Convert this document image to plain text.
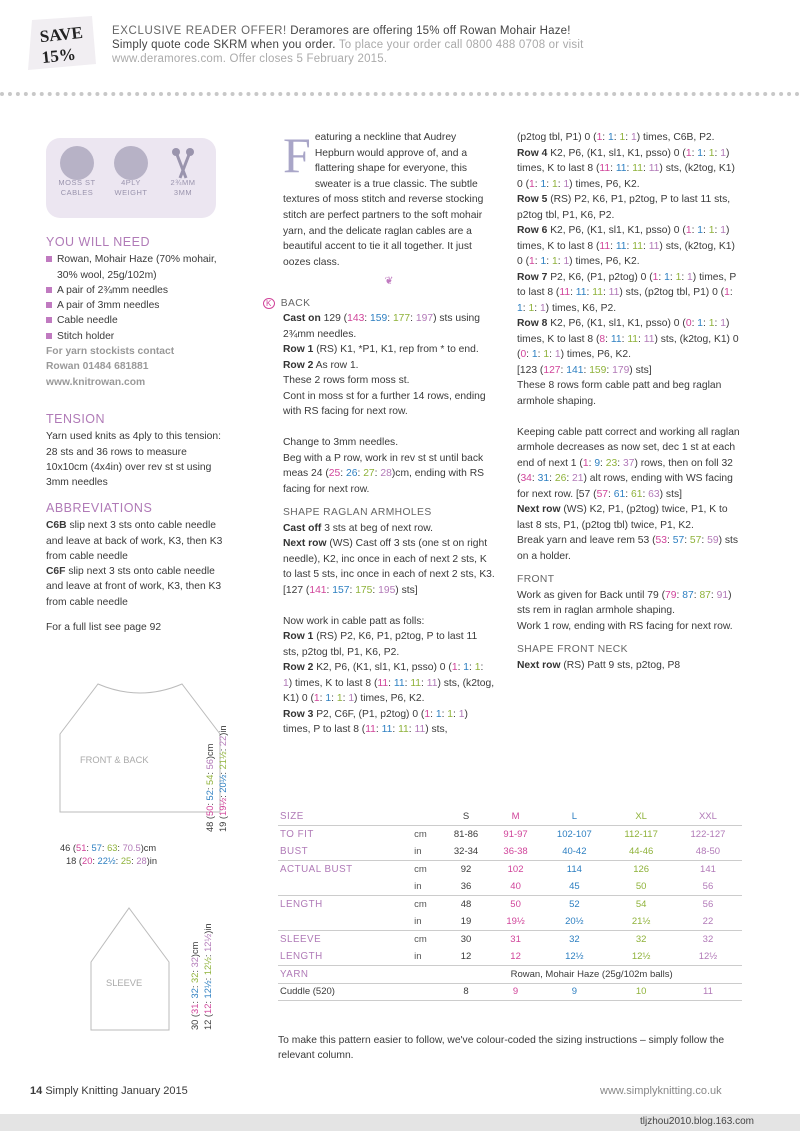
SAVE
15%
EXCLUSIVE READER OFFER! Deramores are offering 15% off Rowan Mohair Haze! Simply quote code SKRM when you order. To place your order call 0800 488 0708 or visit www.deramores.com. Offer closes 5 February 2015.
MOSS ST
CABLES
4PLY
WEIGHT
2¾MM
3MM
YOU WILL NEED
Rowan, Mohair Haze (70% mohair, 30% wool, 25g/102m)
A pair of 2¾mm needles
A pair of 3mm needles
Cable needle
Stitch holder
For yarn stockists contact
Rowan 01484 681881
www.knitrowan.com
TENSION
Yarn used knits as 4ply to this tension: 28 sts and 36 rows to measure 10x10cm (4x4in) over rev st st using 3mm needles
ABBREVIATIONS
C6B slip next 3 sts onto cable needle and leave at back of work, K3, then K3 from cable needle
C6F slip next 3 sts onto cable needle and leave at front of work, K3, then K3 from cable needle
For a full list see page 92
Featuring a neckline that Audrey Hepburn would approve of, and a flattering shape for everyone, this sweater is a true classic. The subtle textures of moss stitch and reverse stocking stitch are perfect partners to the soft mohair yarn, and the delicate raglan cables are a beautiful accent to tie it all together. It just oozes class.
❦
K BACK
Cast on 129 (143: 159: 177: 197) sts using 2¾mm needles.
Row 1 (RS) K1, *P1, K1, rep from * to end.
Row 2 As row 1.
These 2 rows form moss st.
Cont in moss st for a further 14 rows, ending with RS facing for next row.

Change to 3mm needles.
Beg with a P row, work in rev st st until back meas 24 (25: 26: 27: 28)cm, ending with RS facing for next row.
SHAPE RAGLAN ARMHOLES
Cast off 3 sts at beg of next row.
Next row (WS) Cast off 3 sts (one st on right needle), K2, inc once in each of next 2 sts, K to last 5 sts, inc once in each of next 2 sts, K3.
[127 (141: 157: 175: 195) sts]

Now work in cable patt as folls:
Row 1 (RS) P2, K6, P1, p2tog, P to last 11 sts, p2tog tbl, P1, K6, P2.
Row 2 K2, P6, (K1, sl1, K1, psso) 0 (1: 1: 1: 1) times, K to last 8 (11: 11: 11: 11) sts, (k2tog, K1) 0 (1: 1: 1: 1) times, P6, K2.
Row 3 P2, C6F, (P1, p2tog) 0 (1: 1: 1: 1) times, P to last 8 (11: 11: 11: 11) sts,
(p2tog tbl, P1) 0 (1: 1: 1: 1) times, C6B, P2.
Row 4 K2, P6, (K1, sl1, K1, psso) 0 (1: 1: 1: 1) times, K to last 8 (11: 11: 11: 11) sts, (k2tog, K1) 0 (1: 1: 1: 1) times, P6, K2.
Row 5 (RS) P2, K6, P1, p2tog, P to last 11 sts, p2tog tbl, P1, K6, P2.
Row 6 K2, P6, (K1, sl1, K1, psso) 0 (1: 1: 1: 1) times, K to last 8 (11: 11: 11: 11) sts, (k2tog, K1) 0 (1: 1: 1: 1) times, P6, K2.
Row 7 P2, K6, (P1, p2tog) 0 (1: 1: 1: 1) times, P to last 8 (11: 11: 11: 11) sts, (p2tog tbl, P1) 0 (1: 1: 1: 1) times, K6, P2.
Row 8 K2, P6, (K1, sl1, K1, psso) 0 (0: 1: 1: 1) times, K to last 8 (8: 11: 11: 11) sts, (k2tog, K1) 0 (0: 1: 1: 1) times, P6, K2.
[123 (127: 141: 159: 179) sts]
These 8 rows form cable patt and beg raglan armhole shaping.

Keeping cable patt correct and working all raglan armhole decreases as now set, dec 1 st at each end of next 1 (1: 9: 23: 37) rows, then on foll 32 (34: 31: 26: 21) alt rows, ending with WS facing for next row. [57 (57: 61: 61: 63) sts]
Next row (WS) K2, P1, (p2tog) twice, P1, K to last 8 sts, P1, (p2tog tbl) twice, P1, K2.
Break yarn and leave rem 53 (53: 57: 57: 59) sts on a holder.
FRONT
Work as given for Back until 79 (79: 87: 87: 91) sts rem in raglan armhole shaping.
Work 1 row, ending with RS facing for next row.
SHAPE FRONT NECK
Next row (RS) Patt 9 sts, p2tog, P8
FRONT & BACK
48 (50: 52: 54: 56)cm
19 (19½: 20½: 21½: 22)in
46 (51: 57: 63: 70.5)cm
18 (20: 22½: 25: 28)in
SLEEVE
30 (31: 32: 32: 32)cm
12 (12: 12½: 12½: 12½)in
SIZE		S	M	L	XL	XXL
TO FIT	cm	81-86	91-97	102-107	112-117	122-127
BUST	in	32-34	36-38	40-42	44-46	48-50
ACTUAL BUST	cm	92	102	114	126	141
	in	36	40	45	50	56
LENGTH	cm	48	50	52	54	56
	in	19	19½	20½	21½	22
SLEEVE	cm	30	31	32	32	32
LENGTH	in	12	12	12½	12½	12½
YARN		Rowan, Mohair Haze (25g/102m balls)				
Cuddle (520)		8	9	9	10	11
To make this pattern easier to follow, we've colour-coded the sizing instructions – simply follow the relevant column.
14 Simply Knitting January 2015	www.simplyknitting.co.uk
tljzhou2010.blog.163.com
